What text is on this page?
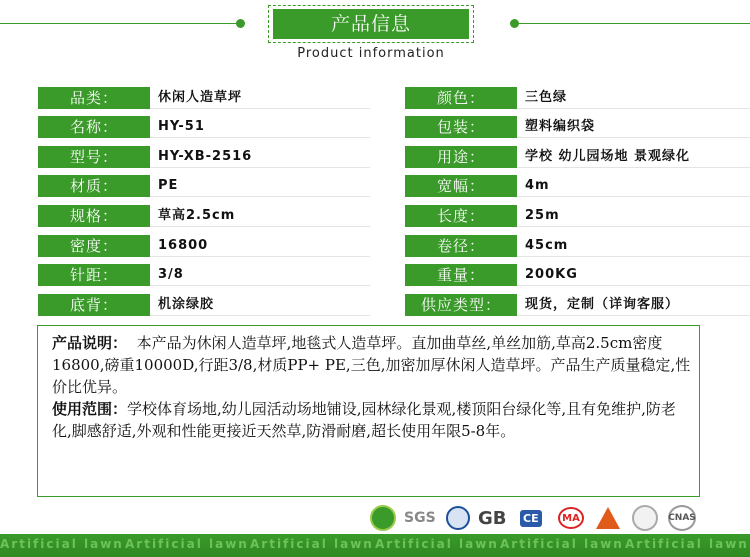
产品信息
Product information
品类：	休闲人造草坪
名称：	HY-51
型号：	HY-XB-2516
材质：	PE
规格：	草高2.5cm
密度：	16800
针距：	3/8
底背：	机涂绿胶
颜色：	三色绿
包装：	塑料编织袋
用途：	学校 幼儿园场地 景观绿化
宽幅：	4m
长度：	25m
卷径：	45cm
重量：	200KG
供应类型：	现货，定制（详询客服）

产品说明： 本产品为休闲人造草坪,地毯式人造草坪。直加曲草丝,单丝加筋,草高2.5cm密度16800,磅重10000D,行距3/8,材质PP+ PE,三色,加密加厚休闲人造草坪。产品生产质量稳定,性价比优异。

使用范围：学校体育场地,幼儿园活动场地铺设,园林绿化景观,楼顶阳台绿化等,且有免维护,防老化,脚感舒适,外观和性能更接近天然草,防滑耐磨,超长使用年限5-8年。

SGS GB CE	MA	CNAS
Artificial lawn Artificial lawn Artificial lawn Artificial lawn Artificial lawn Artificial lawn
